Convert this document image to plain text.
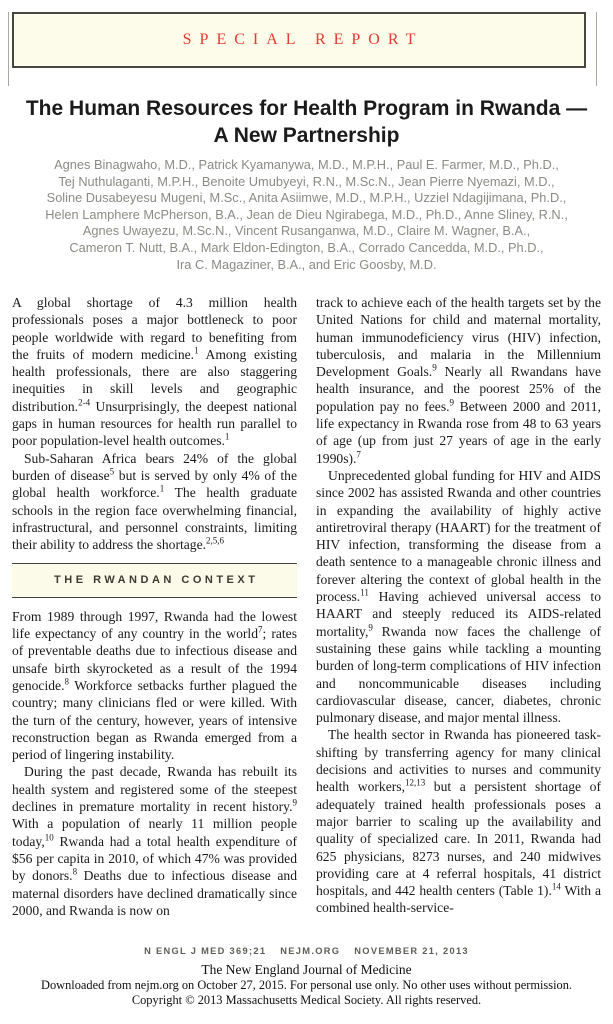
SPECIAL REPORT
The Human Resources for Health Program in Rwanda —
A New Partnership
Agnes Binagwaho, M.D., Patrick Kyamanywa, M.D., M.P.H., Paul E. Farmer, M.D., Ph.D.,
Tej Nuthulaganti, M.P.H., Benoite Umubyeyi, R.N., M.Sc.N., Jean Pierre Nyemazi, M.D.,
Soline Dusabeyesu Mugeni, M.Sc., Anita Asiimwe, M.D., M.P.H., Uzziel Ndagijimana, Ph.D.,
Helen Lamphere McPherson, B.A., Jean de Dieu Ngirabega, M.D., Ph.D., Anne Sliney, R.N.,
Agnes Uwayezu, M.Sc.N., Vincent Rusanganwa, M.D., Claire M. Wagner, B.A.,
Cameron T. Nutt, B.A., Mark Eldon-Edington, B.A., Corrado Cancedda, M.D., Ph.D.,
Ira C. Magaziner, B.A., and Eric Goosby, M.D.

A global shortage of 4.3 million health professionals poses a major bottleneck to poor people worldwide with regard to benefiting from the fruits of modern medicine.$^1$ Among existing health professionals, there are also staggering inequities in skill levels and geographic distribution.$^{2-4}$ Unsurprisingly, the deepest national gaps in human resources for health run parallel to poor population-level health outcomes.$^1$

Sub-Saharan Africa bears 24% of the global burden of disease$^5$ but is served by only 4% of the global health workforce.$^1$ The health graduate schools in the region face overwhelming financial, infrastructural, and personnel constraints, limiting their ability to address the shortage.$^{2,5,6}$

THE RWANDAN CONTEXT

From 1989 through 1997, Rwanda had the lowest life expectancy of any country in the world$^7$; rates of preventable deaths due to infectious disease and unsafe birth skyrocketed as a result of the 1994 genocide.$^8$ Workforce setbacks further plagued the country; many clinicians fled or were killed. With the turn of the century, however, years of intensive reconstruction began as Rwanda emerged from a period of lingering instability.

During the past decade, Rwanda has rebuilt its health system and registered some of the steepest declines in premature mortality in recent history.$^9$ With a population of nearly 11 million people today,$^{10}$ Rwanda had a total health expenditure of $56 per capita in 2010, of which 47% was provided by donors.$^8$ Deaths due to infectious disease and maternal disorders have declined dramatically since 2000, and Rwanda is now on

track to achieve each of the health targets set by the United Nations for child and maternal mortality, human immunodeficiency virus (HIV) infection, tuberculosis, and malaria in the Millennium Development Goals.$^9$ Nearly all Rwandans have health insurance, and the poorest 25% of the population pay no fees.$^9$ Between 2000 and 2011, life expectancy in Rwanda rose from 48 to 63 years of age (up from just 27 years of age in the early 1990s).$^7$

Unprecedented global funding for HIV and AIDS since 2002 has assisted Rwanda and other countries in expanding the availability of highly active antiretroviral therapy (HAART) for the treatment of HIV infection, transforming the disease from a death sentence to a manageable chronic illness and forever altering the context of global health in the process.$^{11}$ Having achieved universal access to HAART and steeply reduced its AIDS-related mortality,$^9$ Rwanda now faces the challenge of sustaining these gains while tackling a mounting burden of long-term complications of HIV infection and noncommunicable diseases including cardiovascular disease, cancer, diabetes, chronic pulmonary disease, and major mental illness.

The health sector in Rwanda has pioneered task-shifting by transferring agency for many clinical decisions and activities to nurses and community health workers,$^{12,13}$ but a persistent shortage of adequately trained health professionals poses a major barrier to scaling up the availability and quality of specialized care. In 2011, Rwanda had 625 physicians, 8273 nurses, and 240 midwives providing care at 4 referral hospitals, 41 district hospitals, and 442 health centers (Table 1).$^{14}$ With a combined health-service-

N ENGL J MED 369;21 NEJM.ORG NOVEMBER 21, 2013
The New England Journal of Medicine
Downloaded from nejm.org on October 27, 2015. For personal use only. No other uses without permission.
Copyright © 2013 Massachusetts Medical Society. All rights reserved.
